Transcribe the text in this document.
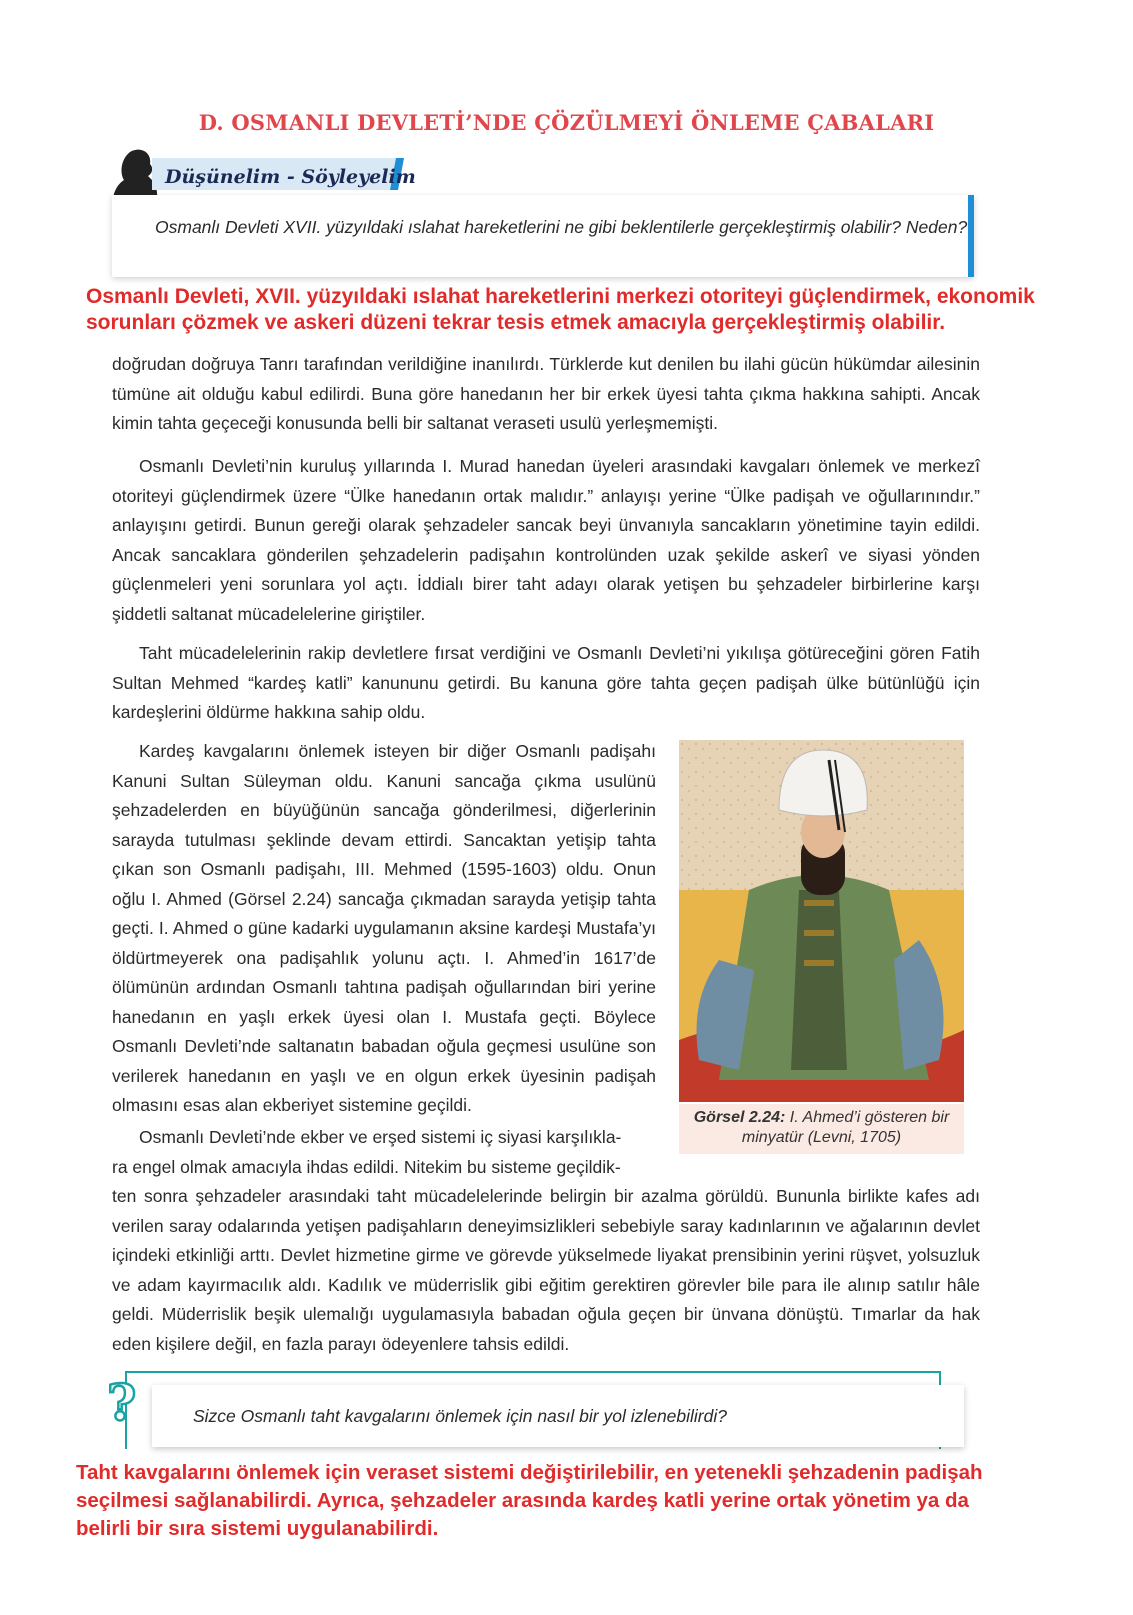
D. OSMANLI DEVLETİ’NDE ÇÖZÜLMEYİ ÖNLEME ÇABALARI
Düşünelim - Söyleyelim
Osmanlı Devleti XVII. yüzyıldaki ıslahat hareketlerini ne gibi beklentilerle gerçekleştirmiş olabilir? Neden?
Osmanlı Devleti, XVII. yüzyıldaki ıslahat hareketlerini merkezi otoriteyi güçlendirmek, ekonomik
sorunları çözmek ve askeri düzeni tekrar tesis etmek amacıyla gerçekleştirmiş olabilir.
doğrudan doğruya Tanrı tarafından verildiğine inanılırdı. Türklerde kut denilen bu ilahi gücün hükümdar ailesinin tümüne ait olduğu kabul edilirdi. Buna göre hanedanın her bir erkek üyesi tahta çıkma hakkına sahipti. Ancak kimin tahta geçeceği konusunda belli bir saltanat veraseti usulü yerleşmemişti.

Osmanlı Devleti’nin kuruluş yıllarında I. Murad hanedan üyeleri arasındaki kavgaları önlemek ve merkezî otoriteyi güçlendirmek üzere “Ülke hanedanın ortak malıdır.” anlayışı yerine “Ülke padişah ve oğullarınındır.” anlayışını getirdi. Bunun gereği olarak şehzadeler sancak beyi ünvanıyla sancakların yönetimine tayin edildi. Ancak sancaklara gönderilen şehzadelerin padişahın kontrolünden uzak şekilde askerî ve siyasi yönden güçlenmeleri yeni sorunlara yol açtı. İddialı birer taht adayı olarak yetişen bu şehzadeler birbirlerine karşı şiddetli saltanat mücadelelerine giriştiler.

Taht mücadelelerinin rakip devletlere fırsat verdiğini ve Osmanlı Devleti’ni yıkılışa götüreceğini gören Fatih Sultan Mehmed “kardeş katli” kanununu getirdi. Bu kanuna göre tahta geçen padişah ülke bütünlüğü için kardeşlerini öldürme hakkına sahip oldu.

Kardeş kavgalarını önlemek isteyen bir diğer Osmanlı padişahı Kanuni Sultan Süleyman oldu. Kanuni sancağa çıkma usulünü şehzadelerden en büyüğünün sancağa gönderilmesi, diğerlerinin sarayda tutulması şeklinde devam ettirdi. Sancaktan yetişip tahta çıkan son Osmanlı padişahı, III. Mehmed (1595-1603) oldu. Onun oğlu I. Ahmed (Görsel 2.24) sancağa çıkmadan sarayda yetişip tahta geçti. I. Ahmed o güne kadarki uygulamanın aksine kardeşi Mustafa’yı öldürtmeyerek ona padişahlık yolunu açtı. I. Ahmed’in 1617’de ölümünün ardından Osmanlı tahtına padişah oğullarından biri yerine hanedanın en yaşlı erkek üyesi olan I. Mustafa geçti. Böylece Osmanlı Devleti’nde saltanatın babadan oğula geçmesi usulüne son verilerek hanedanın en yaşlı ve en olgun erkek üyesinin padişah olmasını esas alan ekberiyet sistemine geçildi.

Osmanlı Devleti’nde ekber ve erşed sistemi iç siyasi karşılıkla-
ra engel olmak amacıyla ihdas edildi. Nitekim bu sisteme geçildik-
ten sonra şehzadeler arasındaki taht mücadelelerinde belirgin bir azalma görüldü. Bununla birlikte kafes adı verilen saray odalarında yetişen padişahların deneyimsizlikleri sebebiyle saray kadınlarının ve ağalarının devlet içindeki etkinliği arttı. Devlet hizmetine girme ve görevde yükselmede liyakat prensibinin yerini rüşvet, yolsuzluk ve adam kayırmacılık aldı. Kadılık ve müderrislik gibi eğitim gerektiren görevler bile para ile alınıp satılır hâle geldi. Müderrislik beşik ulemalığı uygulamasıyla babadan oğula geçen bir ünvana dönüştü. Tımarlar da hak eden kişilere değil, en fazla parayı ödeyenlere tahsis edildi.
Görsel 2.24: I. Ahmed’i gösteren bir
minyatür (Levni, 1705)
?	Sizce Osmanlı taht kavgalarını önlemek için nasıl bir yol izlenebilirdi?
Taht kavgalarını önlemek için veraset sistemi değiştirilebilir, en yetenekli şehzadenin padişah
seçilmesi sağlanabilirdi. Ayrıca, şehzadeler arasında kardeş katli yerine ortak yönetim ya da
belirli bir sıra sistemi uygulanabilirdi.
